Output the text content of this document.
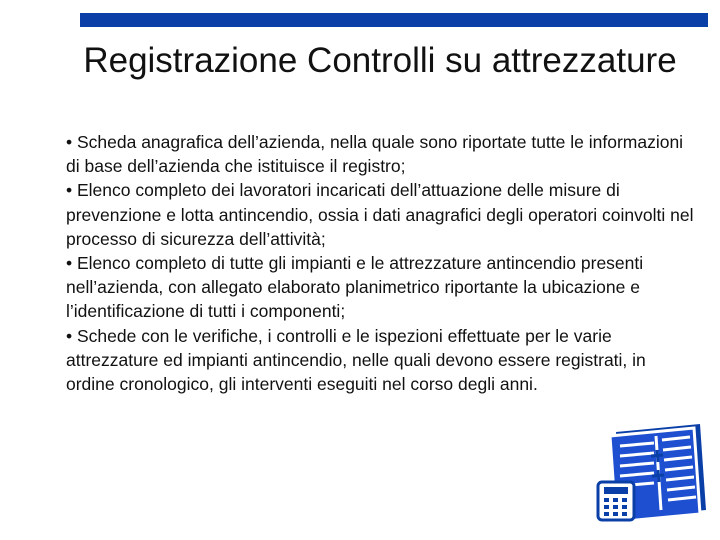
Registrazione Controlli su attrezzature

• Scheda anagrafica dell’azienda, nella quale sono riportate tutte le informazioni di base dell’azienda che istituisce il registro;

• Elenco completo dei lavoratori incaricati dell’attuazione delle misure di prevenzione e lotta antincendio, ossia i dati anagrafici degli operatori coinvolti nel processo di sicurezza dell’attività;

• Elenco completo di tutte gli impianti e le attrezzature antincendio presenti nell’azienda, con allegato elaborato planimetrico riportante la ubicazione e l’identificazione di tutti i componenti;

• Schede con le verifiche, i controlli e le ispezioni effettuate per le varie attrezzature ed impianti antincendio, nelle quali devono essere registrati, in ordine cronologico, gli interventi eseguiti nel corso degli anni.
